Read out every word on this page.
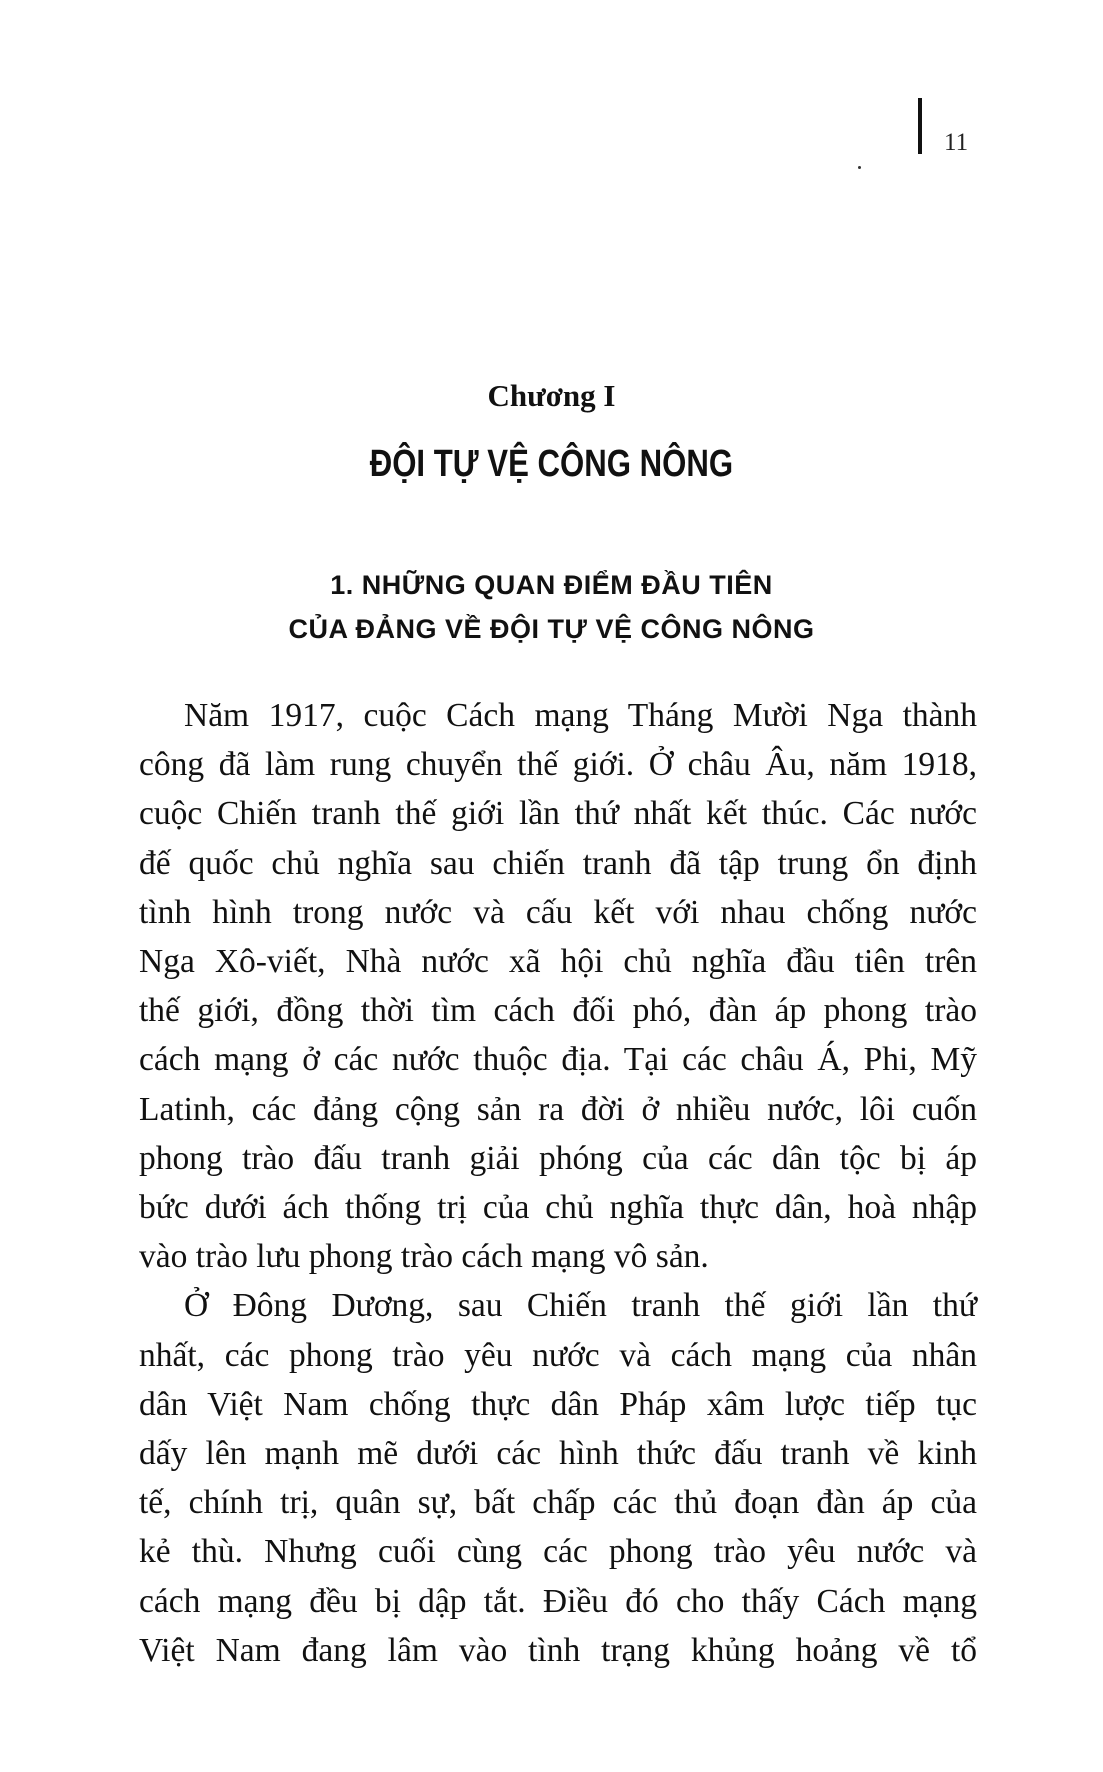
11
Chương I
ĐỘI TỰ VỆ CÔNG NÔNG
1. NHỮNG QUAN ĐIỂM ĐẦU TIÊN
CỦA ĐẢNG VỀ ĐỘI TỰ VỆ CÔNG NÔNG

Năm 1917, cuộc Cách mạng Tháng Mười Nga thành
công đã làm rung chuyển thế giới. Ở châu Âu, năm 1918,
cuộc Chiến tranh thế giới lần thứ nhất kết thúc. Các nước
đế quốc chủ nghĩa sau chiến tranh đã tập trung ổn định
tình hình trong nước và cấu kết với nhau chống nước
Nga Xô-viết, Nhà nước xã hội chủ nghĩa đầu tiên trên
thế giới, đồng thời tìm cách đối phó, đàn áp phong trào
cách mạng ở các nước thuộc địa. Tại các châu Á, Phi, Mỹ
Latinh, các đảng cộng sản ra đời ở nhiều nước, lôi cuốn
phong trào đấu tranh giải phóng của các dân tộc bị áp
bức dưới ách thống trị của chủ nghĩa thực dân, hoà nhập
vào trào lưu phong trào cách mạng vô sản.

Ở Đông Dương, sau Chiến tranh thế giới lần thứ
nhất, các phong trào yêu nước và cách mạng của nhân
dân Việt Nam chống thực dân Pháp xâm lược tiếp tục
dấy lên mạnh mẽ dưới các hình thức đấu tranh về kinh
tế, chính trị, quân sự, bất chấp các thủ đoạn đàn áp của
kẻ thù. Nhưng cuối cùng các phong trào yêu nước và
cách mạng đều bị dập tắt. Điều đó cho thấy Cách mạng
Việt Nam đang lâm vào tình trạng khủng hoảng về tổ
